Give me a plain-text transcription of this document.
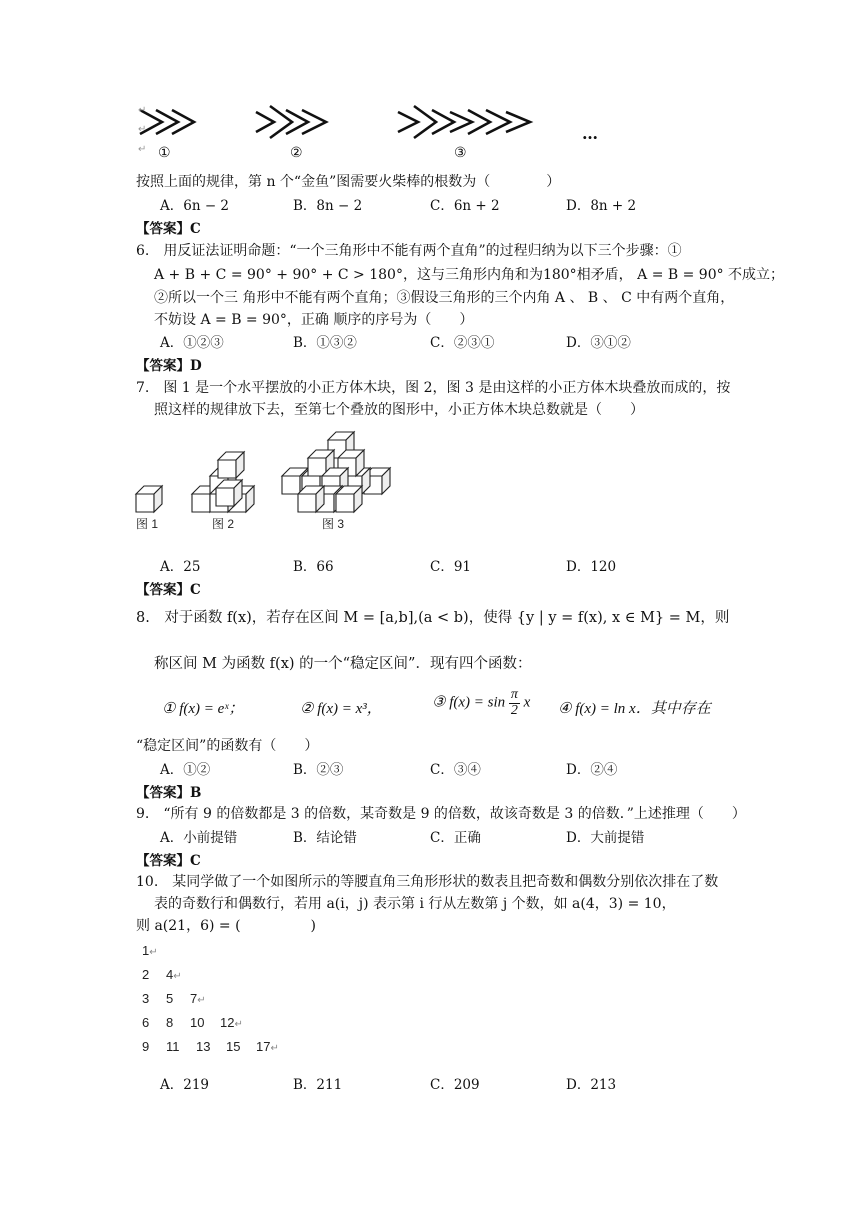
↵
↵
↵ ①	②	③
…
按照上面的规律，第 n 个“金鱼”图需要火柴棒的根数为（　　　　）
A．6n − 2	B．8n − 2	C．6n + 2	D．8n + 2
【答案】C
6.　用反证法证明命题：“一个三角形中不能有两个直角”的过程归纳为以下三个步骤：①
A + B + C = 90° + 90° + C > 180°，这与三角形内角和为180°相矛盾， A = B = 90° 不成立；
②所以一个三 角形中不能有两个直角；③假设三角形的三个内角 A 、 B 、 C 中有两个直角，
不妨设 A = B = 90°，正确 顺序的序号为（　　）
A．①②③	B．①③②	C．②③①	D．③①②
【答案】D
7.　图 1 是一个水平摆放的小正方体木块，图 2，图 3 是由这样的小正方体木块叠放而成的，按
照这样的规律放下去，至第七个叠放的图形中，小正方体木块总数就是（　　）
图 1	图 2	图 3
A．25	B．66	C．91	D．120
【答案】C
8.　对于函数 f(x)，若存在区间 M = [a,b],(a < b)，使得 {y | y = f(x), x ∈ M} = M，则
称区间 M 为函数 f(x) 的一个“稳定区间”．现有四个函数：
① f(x) = eˣ；	② f(x) = x³，	③ $f(x) = \sin \frac{\pi}{2}$ x ④ f(x) = ln x．其中存在
“稳定区间”的函数有（　　）
A．①②	B．②③	C．③④	D．②④
【答案】B
9.　“所有 9 的倍数都是 3 的倍数，某奇数是 9 的倍数，故该奇数是 3 的倍数．”上述推理（　　）
A．小前提错	B．结论错	C．正确	D．大前提错
【答案】C
10.　某同学做了一个如图所示的等腰直角三角形形状的数表且把奇数和偶数分别依次排在了数
表的奇数行和偶数行，若用 a(i，j) 表示第 i 行从左数第 j 个数，如 a(4，3) = 10，
则 a(21，6) = (　　　　　)
1↵
2 4↵
3 5 7↵
6 8 10 12↵
9 11 13 15 17↵
A．219	B．211	C．209	D．213
